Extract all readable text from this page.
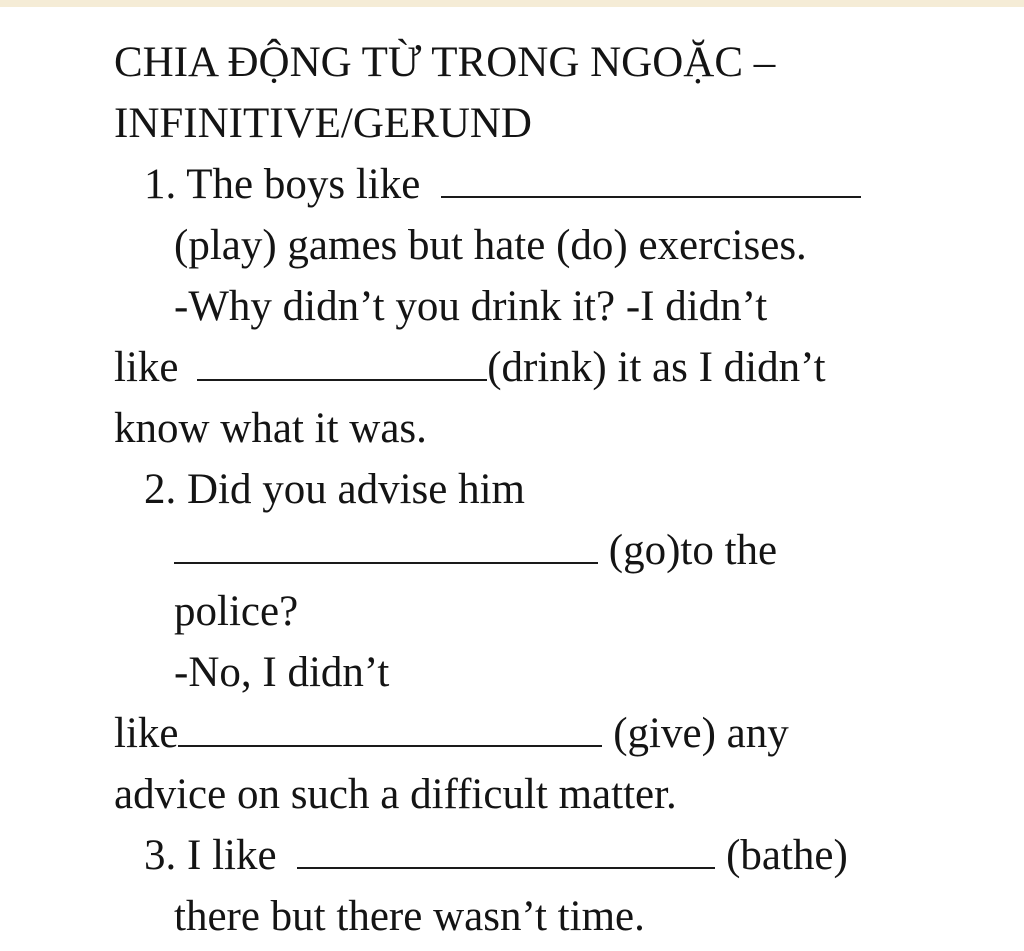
CHIA ĐỘNG TỪ TRONG NGOẶC –
INFINITIVE/GERUND
1. The boys like
(play) games but hate (do) exercises.
-Why didn’t you drink it? -I didn’t
like	(drink) it as I didn’t
know what it was.
2. Did you advise him
(go)to the
police?
-No, I didn’t
like	(give) any
advice on such a difficult matter.
3. I like	(bathe)
there but there wasn’t time.
